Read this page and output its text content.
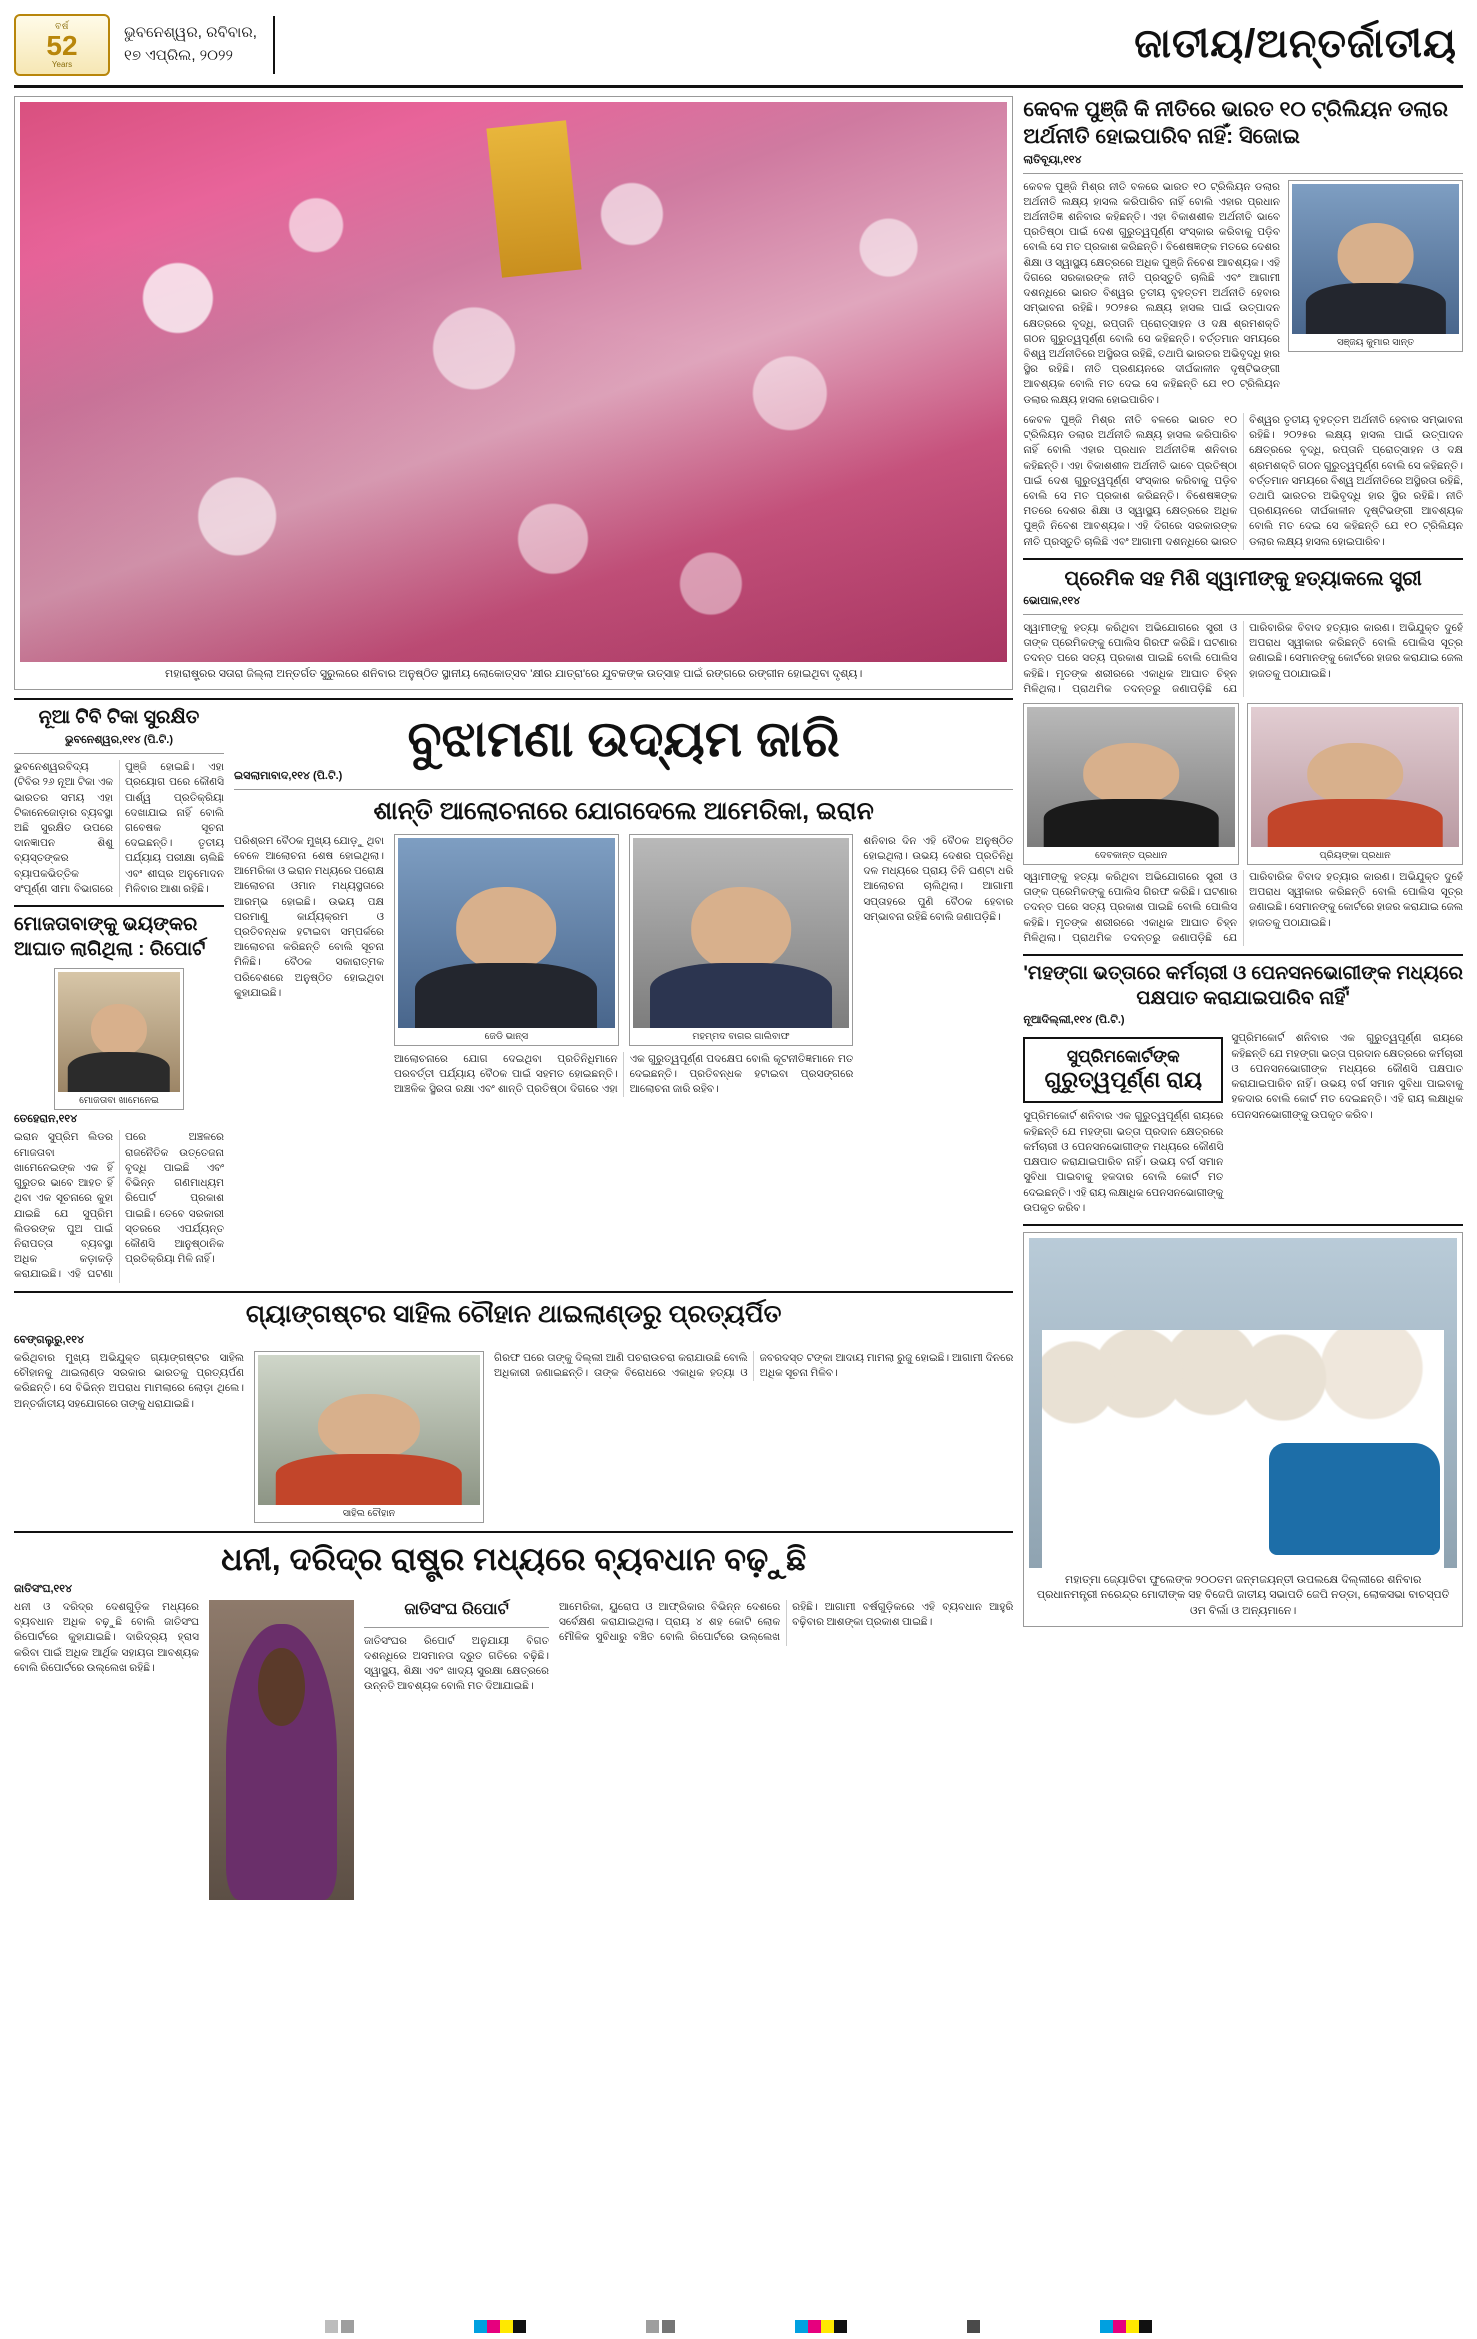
ବର୍ଷ
52
Years
ଭୁବନେଶ୍ୱର, ରବିବାର,
୧୭ ଏପ୍ରିଲ, ୨୦୨୨	ଜାତୀୟ/ଅନ୍ତର୍ଜାତୀୟ
ମହାରାଷ୍ଟ୍ରର ସତାରା ଜିଲ୍ଲା ଅନ୍ତର୍ଗତ ସୁରୁଲରେ ଶନିବାର ଅନୁଷ୍ଠିତ ସ୍ଥାନୀୟ ଲୋକୋତ୍ସବ 'କ୍ଷୀର ଯାତ୍ରା'ରେ ଯୁବକଙ୍କ ଉତ୍ସାହ ପାଇଁ ରଙ୍ଗରେ ରଙ୍ଗୀନ ହୋଇଥିବା ଦୃଶ୍ୟ।
ନୂଆ ଟିବି ଟିକା ସୁରକ୍ଷିତ
ଭୁବନେଶ୍ୱର,୧୧୪ (ପି.ଟି.)
ଭୁବନେଶ୍ୱରବିଦ୍ୟ (ଟିବିର ୨୬ ନୂଆ ଟିକା ଏକ ଭାରତର ସମୟ ଏହା ଟିକାନେଜୋଡ଼ାର ବ୍ୟବସ୍ଥା ଅଛି ସୁରକ୍ଷିତ ଉପରେ ଦାନଜ୍ଞାପନ ଶିଶୁ ବ୍ୟସ୍ତଙ୍କର ବ୍ୟାପକଭିତ୍ତିକ ସଂପୂର୍ଣ୍ଣ ସୀମା ବିଭାଗରେ ପୁଞ୍ଜି ହୋଇଛି। ଏହା ପ୍ରୟୋଗ ପରେ କୌଣସି ପାର୍ଶ୍ୱ ପ୍ରତିକ୍ରିୟା ଦେଖାଯାଇ ନାହିଁ ବୋଲି ଗବେଷକ ସୂଚନା ଦେଇଛନ୍ତି। ତୃତୀୟ ପର୍ଯ୍ୟାୟ ପରୀକ୍ଷା ଚାଲିଛି ଏବଂ ଶୀଘ୍ର ଅନୁମୋଦନ ମିଳିବାର ଆଶା ରହିଛି।
ମୋଜତାବାଙ୍କୁ ଭୟଙ୍କର ଆଘାତ ଲାଗିଥିଲା : ରିପୋର୍ଟ
ମୋଜତାବା ଖାମେନେଇ
ତେହେରାନ,୧୧୪
ଇରାନ ସୁପ୍ରିମ ଲିଡର ମୋଜତାବା ଖାମେନେଇଙ୍କ ଏକ ହିଁ ଗୁରୁତର ଭାବେ ଆହତ ହିଁ ଥିବା ଏକ ସୂଚନାରେ କୁହା ଯାଇଛି ଯେ ସୁପ୍ରିମ ଲିଡରଙ୍କ ପୁଅ ପାଇଁ ନିରାପତ୍ତା ବ୍ୟବସ୍ଥା ଅଧିକ କଡ଼ାକଡ଼ି କରାଯାଇଛି। ଏହି ଘଟଣା ପରେ ଅଞ୍ଚଳରେ ରାଜନୈତିକ ଉତ୍ତେଜନା ବୃଦ୍ଧି ପାଇଛି ଏବଂ ବିଭିନ୍ନ ଗଣମାଧ୍ୟମ ରିପୋର୍ଟ ପ୍ରକାଶ ପାଇଛି। ତେବେ ସରକାରୀ ସ୍ତରରେ ଏପର୍ଯ୍ୟନ୍ତ କୌଣସି ଆନୁଷ୍ଠାନିକ ପ୍ରତିକ୍ରିୟା ମିଳି ନାହିଁ।
ବୁଝାମଣା ଉଦ୍ୟମ ଜାରି
ଇସଲାମାବାଦ,୧୧୪ (ପି.ଟି.)
ଶାନ୍ତି ଆଲୋଚନାରେ ଯୋଗଦେଲେ ଆମେରିକା, ଇରାନ
ପରିଶ୍ରମ ବୈଠକ ମୁଖ୍ୟ ଯୋଡ଼ୁ ଥିବା ବେଳେ ଆଲୋଚନା ଶେଷ ହୋଇଥିଲା। ଆମେରିକା ଓ ଇରାନ ମଧ୍ୟରେ ପରୋକ୍ଷ ଆଲୋଚନା ଓମାନ ମଧ୍ୟସ୍ଥତାରେ ଆରମ୍ଭ ହୋଇଛି। ଉଭୟ ପକ୍ଷ ପରମାଣୁ କାର୍ଯ୍ୟକ୍ରମ ଓ ପ୍ରତିବନ୍ଧକ ହଟାଇବା ସମ୍ପର୍କରେ ଆଲୋଚନା କରିଛନ୍ତି ବୋଲି ସୂଚନା ମିଳିଛି। ବୈଠକ ସକାରାତ୍ମକ ପରିବେଶରେ ଅନୁଷ୍ଠିତ ହୋଇଥିବା କୁହାଯାଇଛି।
ଜେଡି ଭାନ୍ସ	ମହମ୍ମଦ ବାଗର ଗାଲିବାଫ
ଆଲୋଚନାରେ ଯୋଗ ଦେଇଥିବା ପ୍ରତିନିଧିମାନେ ପରବର୍ତ୍ତୀ ପର୍ଯ୍ୟାୟ ବୈଠକ ପାଇଁ ସହମତ ହୋଇଛନ୍ତି। ଆଞ୍ଚଳିକ ସ୍ଥିରତା ରକ୍ଷା ଏବଂ ଶାନ୍ତି ପ୍ରତିଷ୍ଠା ଦିଗରେ ଏହା ଏକ ଗୁରୁତ୍ୱପୂର୍ଣ୍ଣ ପଦକ୍ଷେପ ବୋଲି କୂଟନୀତିଜ୍ଞମାନେ ମତ ଦେଇଛନ୍ତି। ପ୍ରତିବନ୍ଧକ ହଟାଇବା ପ୍ରସଙ୍ଗରେ ଆଲୋଚନା ଜାରି ରହିବ।
ଶନିବାର ଦିନ ଏହି ବୈଠକ ଅନୁଷ୍ଠିତ ହୋଇଥିଲା। ଉଭୟ ଦେଶର ପ୍ରତିନିଧି ଦଳ ମଧ୍ୟରେ ପ୍ରାୟ ତିନି ଘଣ୍ଟା ଧରି ଆଲୋଚନା ଚାଲିଥିଲା। ଆଗାମୀ ସପ୍ତାହରେ ପୁଣି ବୈଠକ ହେବାର ସମ୍ଭାବନା ରହିଛି ବୋଲି ଜଣାପଡ଼ିଛି।
ଗ୍ୟାଙ୍ଗଷ୍ଟର ସାହିଲ ଚୌହାନ ଥାଇଲାଣ୍ଡରୁ ପ୍ରତ୍ୟର୍ପିତ
ବେଙ୍ଗଲୁରୁ,୧୧୪
କରିଥିବାର ମୁଖ୍ୟ ଅଭିଯୁକ୍ତ ଗ୍ୟାଙ୍ଗଷ୍ଟର ସାହିଲ ଚୌହାନକୁ ଥାଇଲାଣ୍ଡ ସରକାର ଭାରତକୁ ପ୍ରତ୍ୟର୍ପଣ କରିଛନ୍ତି। ସେ ବିଭିନ୍ନ ଅପରାଧ ମାମଲାରେ ଲୋଡ଼ା ଥିଲେ। ଅନ୍ତର୍ଜାତୀୟ ସହଯୋଗରେ ତାଙ୍କୁ ଧରାଯାଇଛି।
ସାହିଲ ଚୌହାନ
ଗିରଫ ପରେ ତାଙ୍କୁ ଦିଲ୍ଲୀ ଆଣି ପଚରାଉଚରା କରାଯାଉଛି ବୋଲି ଅଧିକାରୀ ଜଣାଇଛନ୍ତି। ତାଙ୍କ ବିରୋଧରେ ଏକାଧିକ ହତ୍ୟା ଓ ଜବରଦସ୍ତ ଟଙ୍କା ଆଦାୟ ମାମଲା ରୁଜୁ ହୋଇଛି। ଆଗାମୀ ଦିନରେ ଅଧିକ ସୂଚନା ମିଳିବ।
ଧନୀ, ଦରିଦ୍ର ରାଷ୍ଟ୍ର ମଧ୍ୟରେ ବ୍ୟବଧାନ ବଢ଼ୁଛି
ଜାତିସଂଘ,୧୧୪
ଧନୀ ଓ ଦରିଦ୍ର ଦେଶଗୁଡ଼ିକ ମଧ୍ୟରେ ବ୍ୟବଧାନ ଅଧିକ ବଢ଼ୁଛି ବୋଲି ଜାତିସଂଘ ରିପୋର୍ଟରେ କୁହାଯାଇଛି। ଦାରିଦ୍ର୍ୟ ହ୍ରାସ କରିବା ପାଇଁ ଅଧିକ ଆର୍ଥିକ ସହାୟତା ଆବଶ୍ୟକ ବୋଲି ରିପୋର୍ଟରେ ଉଲ୍ଲେଖ ରହିଛି।
ଜାତିସଂଘ ରିପୋର୍ଟ
ଜାତିସଂଘର ରିପୋର୍ଟ ଅନୁଯାୟୀ ବିଗତ ଦଶନ୍ଧିରେ ଅସମାନତା ଦ୍ରୁତ ଗତିରେ ବଢ଼ିଛି। ସ୍ୱାସ୍ଥ୍ୟ, ଶିକ୍ଷା ଏବଂ ଖାଦ୍ୟ ସୁରକ୍ଷା କ୍ଷେତ୍ରରେ ଉନ୍ନତି ଆବଶ୍ୟକ ବୋଲି ମତ ଦିଆଯାଇଛି।
ଆମେରିକା, ୟୁରୋପ ଓ ଆଫ୍ରିକାର ବିଭିନ୍ନ ଦେଶରେ ସର୍ବେକ୍ଷଣ କରାଯାଇଥିଲା। ପ୍ରାୟ ୪ ଶହ କୋଟି ଲୋକ ମୌଳିକ ସୁବିଧାରୁ ବଞ୍ଚିତ ବୋଲି ରିପୋର୍ଟରେ ଉଲ୍ଲେଖ ରହିଛି। ଆଗାମୀ ବର୍ଷଗୁଡ଼ିକରେ ଏହି ବ୍ୟବଧାନ ଆହୁରି ବଢ଼ିବାର ଆଶଙ୍କା ପ୍ରକାଶ ପାଇଛି।
କେବଳ ପୁଞ୍ଜି କି ନୀତିରେ ଭାରତ ୧୦ ଟ୍ରିଲିୟନ ଡଲାର ଅର୍ଥନୀତି ହୋଇପାରିବ ନାହିଁ: ସିଜୋଇ
ଲାତିବୂୟା,୧୧୪
କେବଳ ପୁଞ୍ଜି ମିଶ୍ର ନୀତି ବଳରେ ଭାରତ ୧୦ ଟ୍ରିଲିୟନ ଡଲାର ଅର୍ଥନୀତି ଲକ୍ଷ୍ୟ ହାସଲ କରିପାରିବ ନାହିଁ ବୋଲି ଏହାର ପ୍ରଧାନ ଅର୍ଥନୀତିଜ୍ଞ ଶନିବାର କହିଛନ୍ତି। ଏହା ବିକାଶଶୀଳ ଅର୍ଥନୀତି ଭାବେ ପ୍ରତିଷ୍ଠା ପାଇଁ ଦେଶ ଗୁରୁତ୍ୱପୂର୍ଣ୍ଣ ସଂସ୍କାର କରିବାକୁ ପଡ଼ିବ ବୋଲି ସେ ମତ ପ୍ରକାଶ କରିଛନ୍ତି। ବିଶେଷଜ୍ଞଙ୍କ ମତରେ ଦେଶର ଶିକ୍ଷା ଓ ସ୍ୱାସ୍ଥ୍ୟ କ୍ଷେତ୍ରରେ ଅଧିକ ପୁଞ୍ଜି ନିବେଶ ଆବଶ୍ୟକ। ଏହି ଦିଗରେ ସରକାରଙ୍କ ନୀତି ପ୍ରସ୍ତୁତି ଚାଲିଛି ଏବଂ ଆଗାମୀ ଦଶନ୍ଧିରେ ଭାରତ ବିଶ୍ୱର ତୃତୀୟ ବୃହତ୍ତମ ଅର୍ଥନୀତି ହେବାର ସମ୍ଭାବନା ରହିଛି। ୨୦୨୫ର ଲକ୍ଷ୍ୟ ହାସଲ ପାଇଁ ଉତ୍ପାଦନ କ୍ଷେତ୍ରରେ ବୃଦ୍ଧି, ରପ୍ତାନି ପ୍ରୋତ୍ସାହନ ଓ ଦକ୍ଷ ଶ୍ରମଶକ୍ତି ଗଠନ ଗୁରୁତ୍ୱପୂର୍ଣ୍ଣ ବୋଲି ସେ କହିଛନ୍ତି। ବର୍ତ୍ତମାନ ସମୟରେ ବିଶ୍ୱ ଅର୍ଥନୀତିରେ ଅସ୍ଥିରତା ରହିଛି, ତଥାପି ଭାରତର ଅଭିବୃଦ୍ଧି ହାର ସ୍ଥିର ରହିଛି। ନୀତି ପ୍ରଣୟନରେ ଦୀର୍ଘକାଳୀନ ଦୃଷ୍ଟିଭଙ୍ଗୀ ଆବଶ୍ୟକ ବୋଲି ମତ ଦେଇ ସେ କହିଛନ୍ତି ଯେ ୧୦ ଟ୍ରିଲିୟନ ଡଲାର ଲକ୍ଷ୍ୟ ହାସଲ ହୋଇପାରିବ।
ସଞ୍ଜୟ କୁମାର ସାନ୍ତ
କେବଳ ପୁଞ୍ଜି ମିଶ୍ର ନୀତି ବଳରେ ଭାରତ ୧୦ ଟ୍ରିଲିୟନ ଡଲାର ଅର୍ଥନୀତି ଲକ୍ଷ୍ୟ ହାସଲ କରିପାରିବ ନାହିଁ ବୋଲି ଏହାର ପ୍ରଧାନ ଅର୍ଥନୀତିଜ୍ଞ ଶନିବାର କହିଛନ୍ତି। ଏହା ବିକାଶଶୀଳ ଅର୍ଥନୀତି ଭାବେ ପ୍ରତିଷ୍ଠା ପାଇଁ ଦେଶ ଗୁରୁତ୍ୱପୂର୍ଣ୍ଣ ସଂସ୍କାର କରିବାକୁ ପଡ଼ିବ ବୋଲି ସେ ମତ ପ୍ରକାଶ କରିଛନ୍ତି। ବିଶେଷଜ୍ଞଙ୍କ ମତରେ ଦେଶର ଶିକ୍ଷା ଓ ସ୍ୱାସ୍ଥ୍ୟ କ୍ଷେତ୍ରରେ ଅଧିକ ପୁଞ୍ଜି ନିବେଶ ଆବଶ୍ୟକ। ଏହି ଦିଗରେ ସରକାରଙ୍କ ନୀତି ପ୍ରସ୍ତୁତି ଚାଲିଛି ଏବଂ ଆଗାମୀ ଦଶନ୍ଧିରେ ଭାରତ ବିଶ୍ୱର ତୃତୀୟ ବୃହତ୍ତମ ଅର୍ଥନୀତି ହେବାର ସମ୍ଭାବନା ରହିଛି। ୨୦୨୫ର ଲକ୍ଷ୍ୟ ହାସଲ ପାଇଁ ଉତ୍ପାଦନ କ୍ଷେତ୍ରରେ ବୃଦ୍ଧି, ରପ୍ତାନି ପ୍ରୋତ୍ସାହନ ଓ ଦକ୍ଷ ଶ୍ରମଶକ୍ତି ଗଠନ ଗୁରୁତ୍ୱପୂର୍ଣ୍ଣ ବୋଲି ସେ କହିଛନ୍ତି। ବର୍ତ୍ତମାନ ସମୟରେ ବିଶ୍ୱ ଅର୍ଥନୀତିରେ ଅସ୍ଥିରତା ରହିଛି, ତଥାପି ଭାରତର ଅଭିବୃଦ୍ଧି ହାର ସ୍ଥିର ରହିଛି। ନୀତି ପ୍ରଣୟନରେ ଦୀର୍ଘକାଳୀନ ଦୃଷ୍ଟିଭଙ୍ଗୀ ଆବଶ୍ୟକ ବୋଲି ମତ ଦେଇ ସେ କହିଛନ୍ତି ଯେ ୧୦ ଟ୍ରିଲିୟନ ଡଲାର ଲକ୍ଷ୍ୟ ହାସଲ ହୋଇପାରିବ।
ପ୍ରେମିକ ସହ ମିଶି ସ୍ୱାମୀଙ୍କୁ ହତ୍ୟାକଲେ ସ୍ତ୍ରୀ
ଭୋପାଳ,୧୧୪
ସ୍ୱାମୀଙ୍କୁ ହତ୍ୟା କରିଥିବା ଅଭିଯୋଗରେ ସ୍ତ୍ରୀ ଓ ତାଙ୍କ ପ୍ରେମିକଙ୍କୁ ପୋଲିସ ଗିରଫ କରିଛି। ଘଟଣାର ତଦନ୍ତ ପରେ ସତ୍ୟ ପ୍ରକାଶ ପାଇଛି ବୋଲି ପୋଲିସ କହିଛି। ମୃତଙ୍କ ଶରୀରରେ ଏକାଧିକ ଆଘାତ ଚିହ୍ନ ମିଳିଥିଲା। ପ୍ରାଥମିକ ତଦନ୍ତରୁ ଜଣାପଡ଼ିଛି ଯେ ପାରିବାରିକ ବିବାଦ ହତ୍ୟାର କାରଣ। ଅଭିଯୁକ୍ତ ଦୁହେଁ ଅପରାଧ ସ୍ୱୀକାର କରିଛନ୍ତି ବୋଲି ପୋଲିସ ସୂତ୍ର ଜଣାଇଛି। ସେମାନଙ୍କୁ କୋର୍ଟରେ ହାଜର କରାଯାଇ ଜେଲ ହାଜତକୁ ପଠାଯାଇଛି।
ଦେବକାନ୍ତ ପ୍ରଧାନ	ପ୍ରିୟଙ୍କା ପ୍ରଧାନ
ସ୍ୱାମୀଙ୍କୁ ହତ୍ୟା କରିଥିବା ଅଭିଯୋଗରେ ସ୍ତ୍ରୀ ଓ ତାଙ୍କ ପ୍ରେମିକଙ୍କୁ ପୋଲିସ ଗିରଫ କରିଛି। ଘଟଣାର ତଦନ୍ତ ପରେ ସତ୍ୟ ପ୍ରକାଶ ପାଇଛି ବୋଲି ପୋଲିସ କହିଛି। ମୃତଙ୍କ ଶରୀରରେ ଏକାଧିକ ଆଘାତ ଚିହ୍ନ ମିଳିଥିଲା। ପ୍ରାଥମିକ ତଦନ୍ତରୁ ଜଣାପଡ଼ିଛି ଯେ ପାରିବାରିକ ବିବାଦ ହତ୍ୟାର କାରଣ। ଅଭିଯୁକ୍ତ ଦୁହେଁ ଅପରାଧ ସ୍ୱୀକାର କରିଛନ୍ତି ବୋଲି ପୋଲିସ ସୂତ୍ର ଜଣାଇଛି। ସେମାନଙ୍କୁ କୋର୍ଟରେ ହାଜର କରାଯାଇ ଜେଲ ହାଜତକୁ ପଠାଯାଇଛି।
'ମହଙ୍ଗା ଭତ୍ତାରେ କର୍ମଚାରୀ ଓ ପେନସନଭୋଗୀଙ୍କ ମଧ୍ୟରେ ପକ୍ଷପାତ କରାଯାଇପାରିବ ନାହିଁ'
ନୂଆଦିଲ୍ଲୀ,୧୧୪ (ପି.ଟି.)
ସୁପ୍ରିମକୋର୍ଟଙ୍କ
ଗୁରୁତ୍ୱପୂର୍ଣ୍ଣ ରାୟ
ସୁପ୍ରିମକୋର୍ଟ ଶନିବାର ଏକ ଗୁରୁତ୍ୱପୂର୍ଣ୍ଣ ରାୟରେ କହିଛନ୍ତି ଯେ ମହଙ୍ଗା ଭତ୍ତା ପ୍ରଦାନ କ୍ଷେତ୍ରରେ କର୍ମଚାରୀ ଓ ପେନସନଭୋଗୀଙ୍କ ମଧ୍ୟରେ କୌଣସି ପକ୍ଷପାତ କରାଯାଇପାରିବ ନାହିଁ। ଉଭୟ ବର୍ଗ ସମାନ ସୁବିଧା ପାଇବାକୁ ହକଦାର ବୋଲି କୋର୍ଟ ମତ ଦେଇଛନ୍ତି। ଏହି ରାୟ ଲକ୍ଷାଧିକ ପେନସନଭୋଗୀଙ୍କୁ ଉପକୃତ କରିବ।
ସୁପ୍ରିମକୋର୍ଟ ଶନିବାର ଏକ ଗୁରୁତ୍ୱପୂର୍ଣ୍ଣ ରାୟରେ କହିଛନ୍ତି ଯେ ମହଙ୍ଗା ଭତ୍ତା ପ୍ରଦାନ କ୍ଷେତ୍ରରେ କର୍ମଚାରୀ ଓ ପେନସନଭୋଗୀଙ୍କ ମଧ୍ୟରେ କୌଣସି ପକ୍ଷପାତ କରାଯାଇପାରିବ ନାହିଁ। ଉଭୟ ବର୍ଗ ସମାନ ସୁବିଧା ପାଇବାକୁ ହକଦାର ବୋଲି କୋର୍ଟ ମତ ଦେଇଛନ୍ତି। ଏହି ରାୟ ଲକ୍ଷାଧିକ ପେନସନଭୋଗୀଙ୍କୁ ଉପକୃତ କରିବ।
ମହାତ୍ମା ଜ୍ୟୋତିବା ଫୁଲେଙ୍କ ୨୦୦ତମ ଜନ୍ମଜୟନ୍ତୀ ଉପଲକ୍ଷେ ଦିଲ୍ଲୀରେ ଶନିବାର ପ୍ରଧାନମନ୍ତ୍ରୀ ନରେନ୍ଦ୍ର ମୋଦୀଙ୍କ ସହ ବିଜେପି ଜାତୀୟ ସଭାପତି ଜେପି ନଡ୍ଡା, ଲୋକସଭା ବାଚସ୍ପତି ଓମ ବିର୍ଲା ଓ ଅନ୍ୟମାନେ।
